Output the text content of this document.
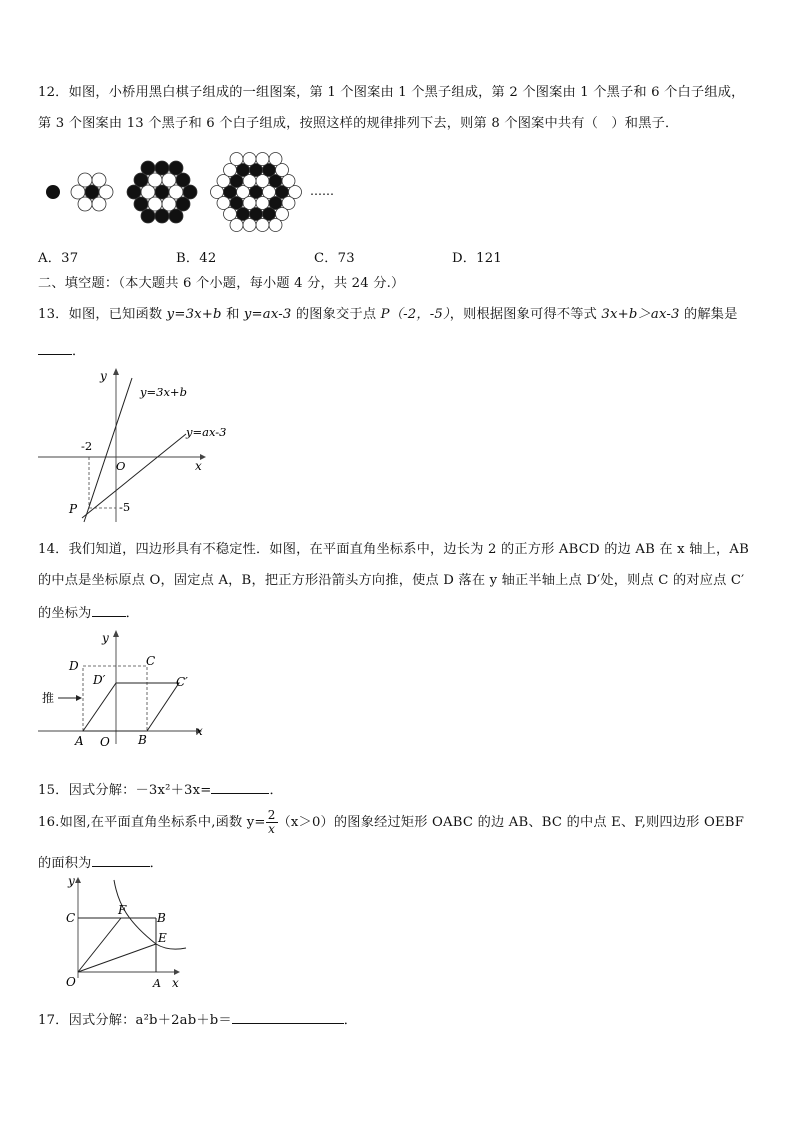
12．如图，小桥用黑白棋子组成的一组图案，第 1 个图案由 1 个黑子组成，第 2 个图案由 1 个黑子和 6 个白子组成，
第 3 个图案由 13 个黑子和 6 个白子组成，按照这样的规律排列下去，则第 8 个图案中共有（　）和黑子．
……
A．37	B．42	C．73	D．121
二、填空题：（本大题共 6 个小题，每小题 4 分，共 24 分.）
13．如图，已知函数 y=3x+b 和 y=ax-3 的图象交于点 P（-2，-5），则根据图象可得不等式 3x+b＞ax-3 的解集是
．
x
y
O
-2
-5
y=3x+b
y=ax-3
P
14．我们知道，四边形具有不稳定性．如图，在平面直角坐标系中，边长为 2 的正方形 ABCD 的边 AB 在 x 轴上，AB
的中点是坐标原点 O，固定点 A，B，把正方形沿箭头方向推，使点 D 落在 y 轴正半轴上点 D′处，则点 C 的对应点 C′
的坐标为	．
y
x
D	C
D′	C′
A O B
推
15．因式分解：－3x²＋3x=	．
16.如图,在平面直角坐标系中,函数 $y= \frac{2}{x} (x>0)$的图象经过矩形 OABC 的边 AB、BC 的中点 E、F,则四边形 OEBF
的面积为	．
y
x
C
F
B
E
O	A
17．因式分解：a²b＋2ab＋b＝	．
